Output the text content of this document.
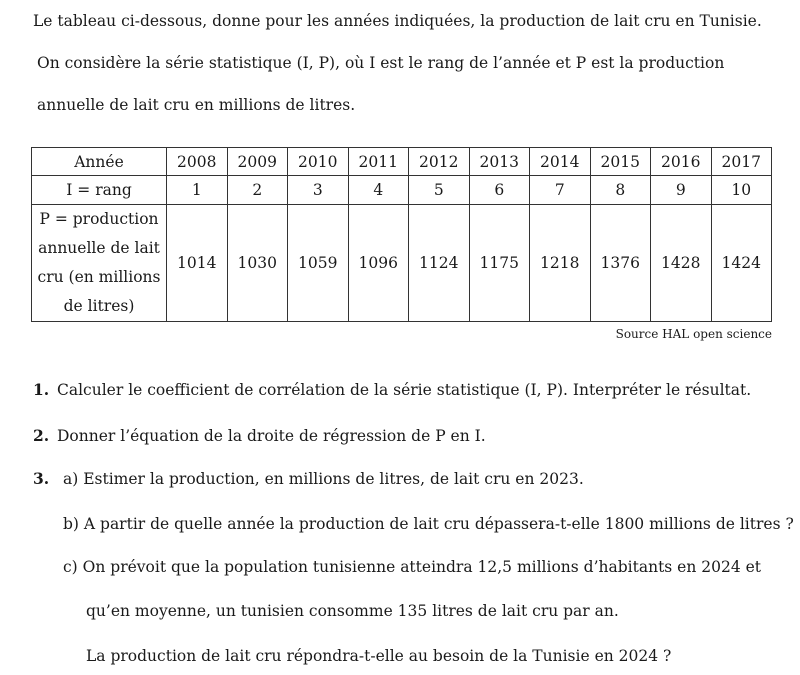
Le tableau ci-dessous, donne pour les années indiquées, la production de lait cru en Tunisie.
On considère la série statistique (I, P), où I est le rang de l’année et P est la production
annuelle de lait cru en millions de litres.
Année	2008	2009	2010	2011	2012	2013	2014	2015	2016	2017
I = rang	1	2	3	4	5	6	7	8	9	10

P = production
annuelle de lait
cru (en millions
de litres)	1014	1030	1059	1096	1124	1175	1218	1376	1428	1424
Source HAL open science
1. Calculer le coefficient de corrélation de la série statistique (I, P). Interpréter le résultat.
2. Donner l’équation de la droite de régression de P en I.
3. a) Estimer la production, en millions de litres, de lait cru en 2023.
b) A partir de quelle année la production de lait cru dépassera-t-elle 1800 millions de litres ?
c) On prévoit que la population tunisienne atteindra 12,5 millions d’habitants en 2024 et
qu’en moyenne, un tunisien consomme 135 litres de lait cru par an.
La production de lait cru répondra-t-elle au besoin de la Tunisie en 2024 ?
